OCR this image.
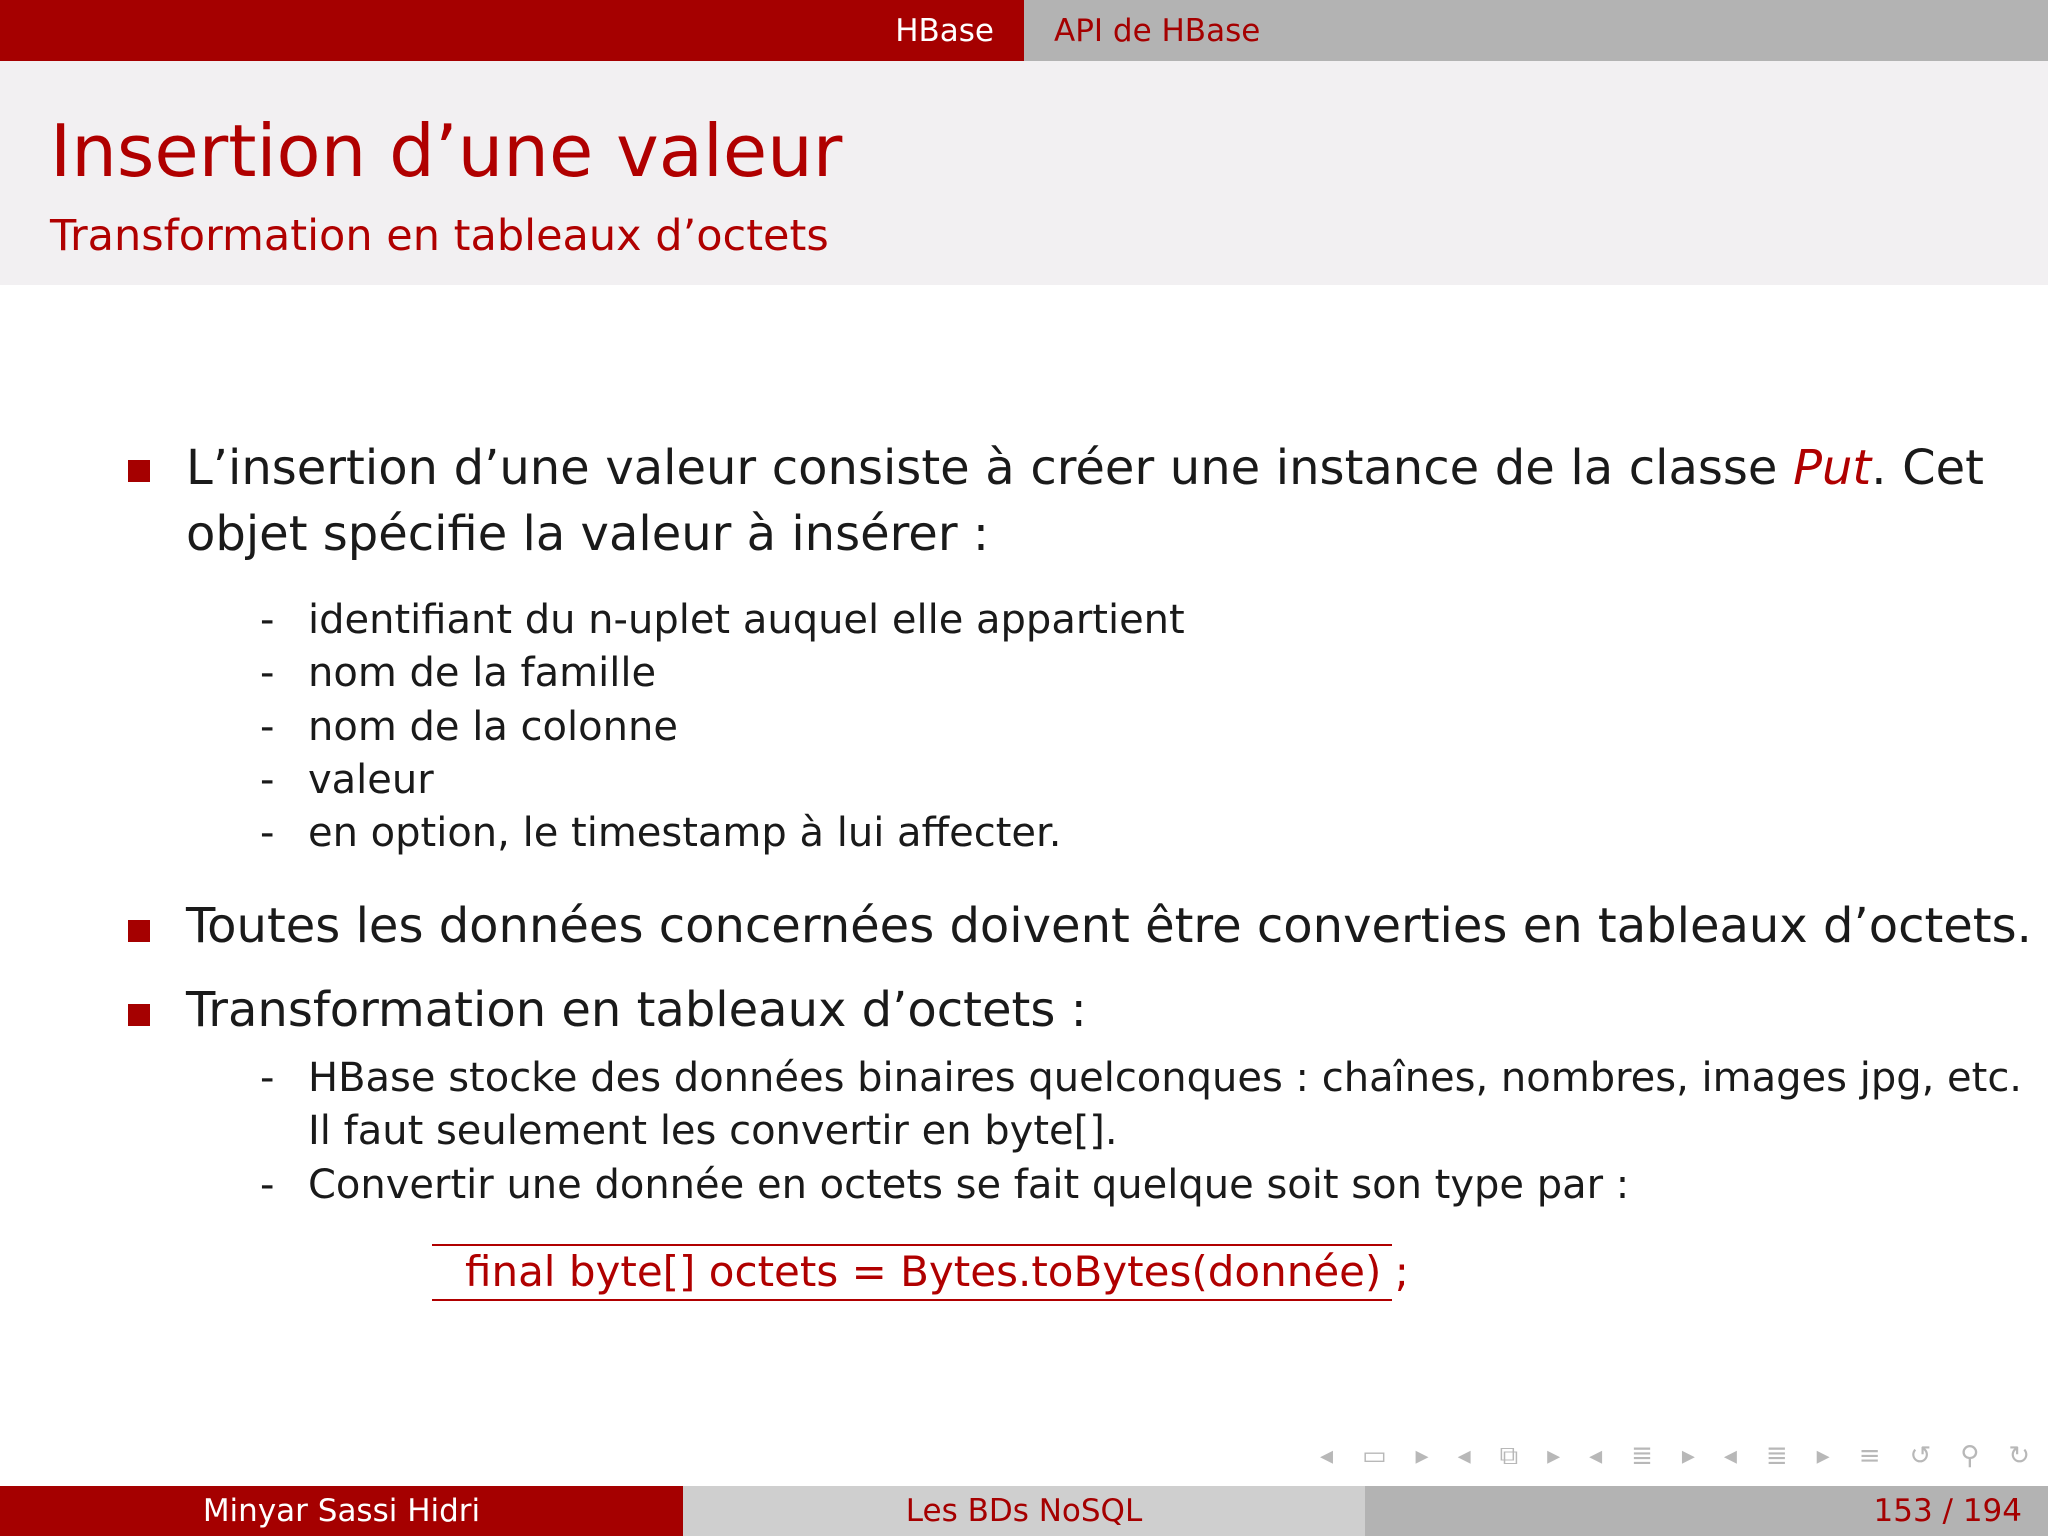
HBase	API de HBase
Insertion d’une valeur
Transformation en tableaux d’octets
L’insertion d’une valeur consiste à créer une instance de la classe Put. Cet
objet spécifie la valeur à insérer :
- identifiant du n-uplet auquel elle appartient
- nom de la famille
- nom de la colonne
- valeur
- en option, le timestamp à lui affecter.
Toutes les données concernées doivent être converties en tableaux d’octets.
Transformation en tableaux d’octets :
- HBase stocke des données binaires quelconques : chaînes, nombres, images jpg, etc.
Il faut seulement les convertir en byte[].
- Convertir une donnée en octets se fait quelque soit son type par :
final byte[] octets = Bytes.toBytes(donnée) ;
◂ ▭ ▸ ◂ ⧉ ▸ ◂ ≣ ▸ ◂ ≣ ▸ ≡ ↺ ⚲ ↻
Minyar Sassi Hidri	Les BDs NoSQL	153 / 194
